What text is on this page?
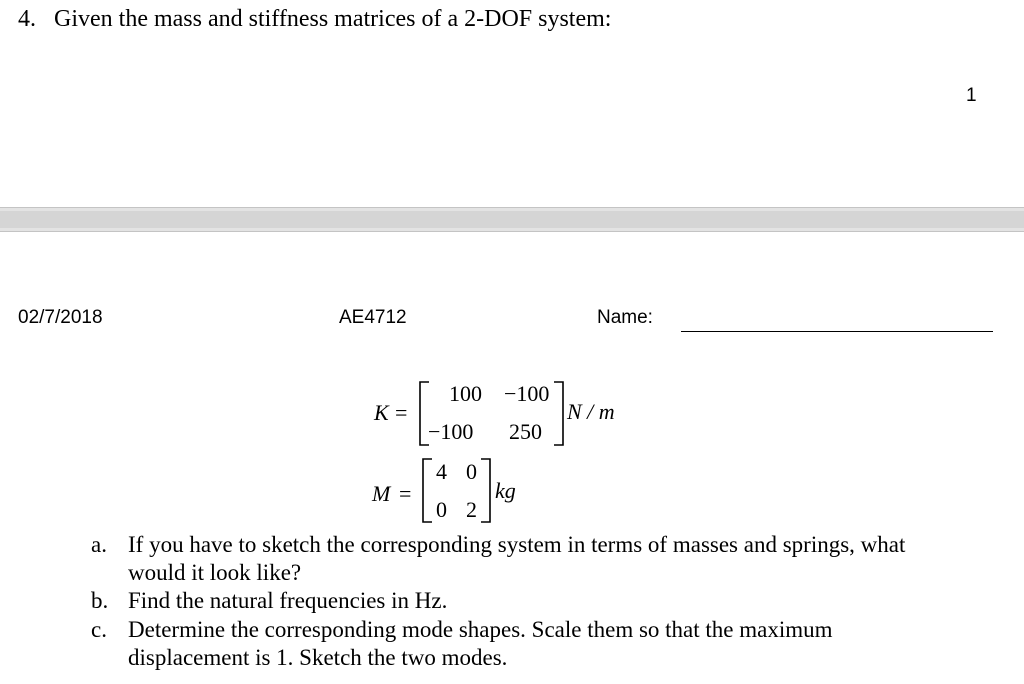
4. Given the mass and stiffness matrices of a 2-DOF system:
1
02/7/2018	AE4712	Name:
K =
100 −100
−100 250
N / m
M =
4 0
0 2
kg
a. If you have to sketch the corresponding system in terms of masses and springs, what
would it look like?
b. Find the natural frequencies in Hz.
c. Determine the corresponding mode shapes. Scale them so that the maximum
displacement is 1. Sketch the two modes.
